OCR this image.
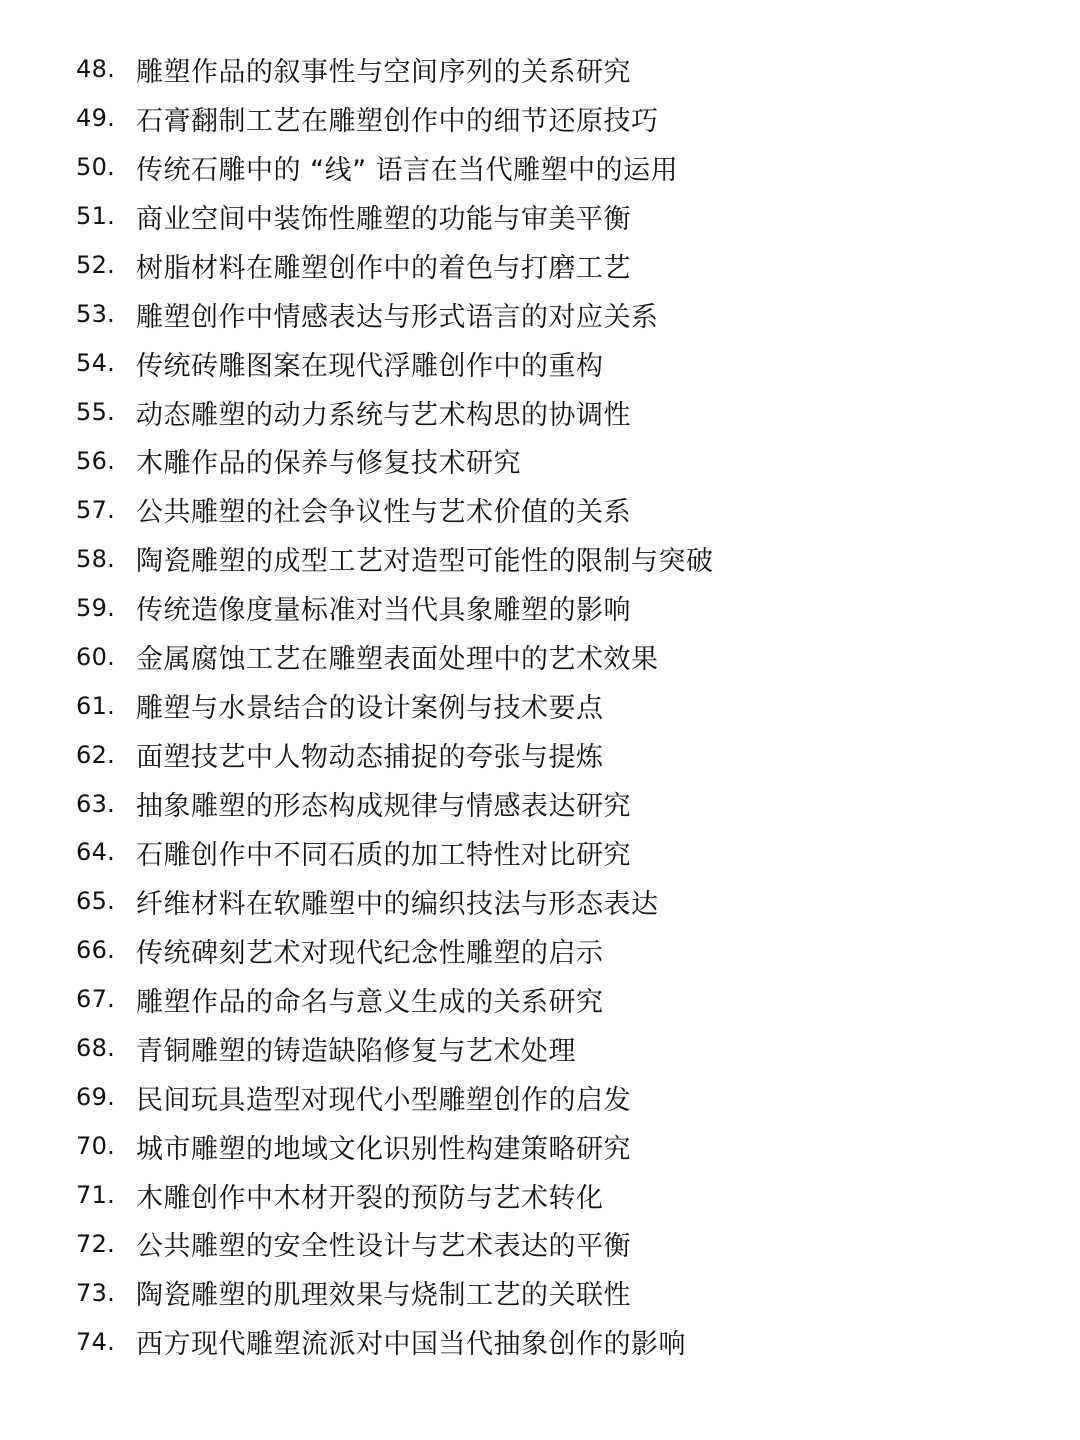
48. 雕塑作品的叙事性与空间序列的关系研究
49. 石膏翻制工艺在雕塑创作中的细节还原技巧
50. 传统石雕中的 “线” 语言在当代雕塑中的运用
51. 商业空间中装饰性雕塑的功能与审美平衡
52. 树脂材料在雕塑创作中的着色与打磨工艺
53. 雕塑创作中情感表达与形式语言的对应关系
54. 传统砖雕图案在现代浮雕创作中的重构
55. 动态雕塑的动力系统与艺术构思的协调性
56. 木雕作品的保养与修复技术研究
57. 公共雕塑的社会争议性与艺术价值的关系
58. 陶瓷雕塑的成型工艺对造型可能性的限制与突破
59. 传统造像度量标准对当代具象雕塑的影响
60. 金属腐蚀工艺在雕塑表面处理中的艺术效果
61. 雕塑与水景结合的设计案例与技术要点
62. 面塑技艺中人物动态捕捉的夸张与提炼
63. 抽象雕塑的形态构成规律与情感表达研究
64. 石雕创作中不同石质的加工特性对比研究
65. 纤维材料在软雕塑中的编织技法与形态表达
66. 传统碑刻艺术对现代纪念性雕塑的启示
67. 雕塑作品的命名与意义生成的关系研究
68. 青铜雕塑的铸造缺陷修复与艺术处理
69. 民间玩具造型对现代小型雕塑创作的启发
70. 城市雕塑的地域文化识别性构建策略研究
71. 木雕创作中木材开裂的预防与艺术转化
72. 公共雕塑的安全性设计与艺术表达的平衡
73. 陶瓷雕塑的肌理效果与烧制工艺的关联性
74. 西方现代雕塑流派对中国当代抽象创作的影响
